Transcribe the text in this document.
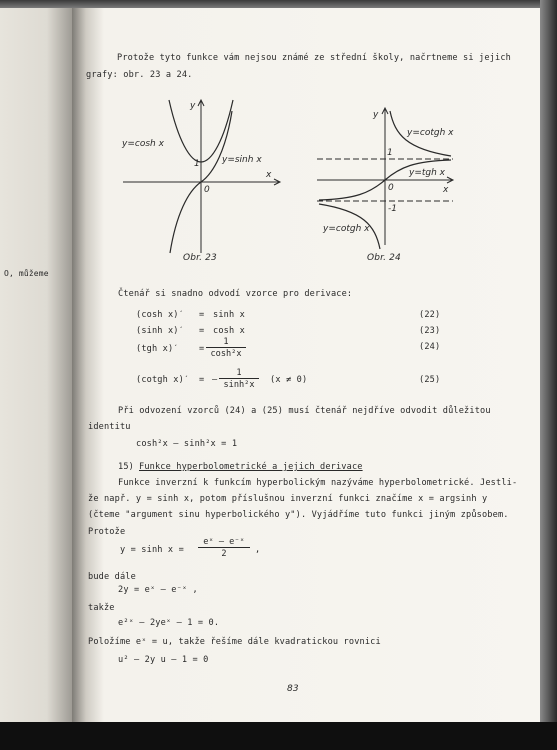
O, můžeme
Protože tyto funkce vám nejsou známé ze střední školy, načrtneme si jejich
grafy: obr. 23 a 24.
y
x
0
1
y=cosh x
y=sinh x
Obr. 23
y
x
0
1
-1
y=cotgh x
y=tgh x
y=cotgh x
Obr. 24
Čtenář si snadno odvodí vzorce pro derivace:
(cosh x)ˊ = sinh x	(22)
(sinh x)ˊ = cosh x	(23)
(tgh x)ˊ = $\frac{1}{\text{cosh²x}}$	(24)
(cotgh x)ˊ = – $\frac{1}{\text{sinh²x}} (x \ne 0)$	(25)
Při odvození vzorců (24) a (25) musí čtenář nejdříve odvodit důležitou
identitu
cosh²x – sinh²x = 1
15) Funkce hyperbolometrické a jejich derivace
Funkce inverzní k funkcím hyperbolickým nazýváme hyperbolometrické. Jestli-
že např. y = sinh x, potom příslušnou inverzní funkci značíme x = argsinh y
(čteme "argument sinu hyperbolického y"). Vyjádříme tuto funkci jiným způsobem.
Protože
$y = \sinh x = \frac{\text{eˣ – e⁻ˣ}}{2}$ ,
bude dále
2y = eˣ – e⁻ˣ ,
takže
e²ˣ – 2yeˣ – 1 = 0.
Položíme eˣ = u, takže řešíme dále kvadratickou rovnici
u² – 2y u – 1 = 0
83
